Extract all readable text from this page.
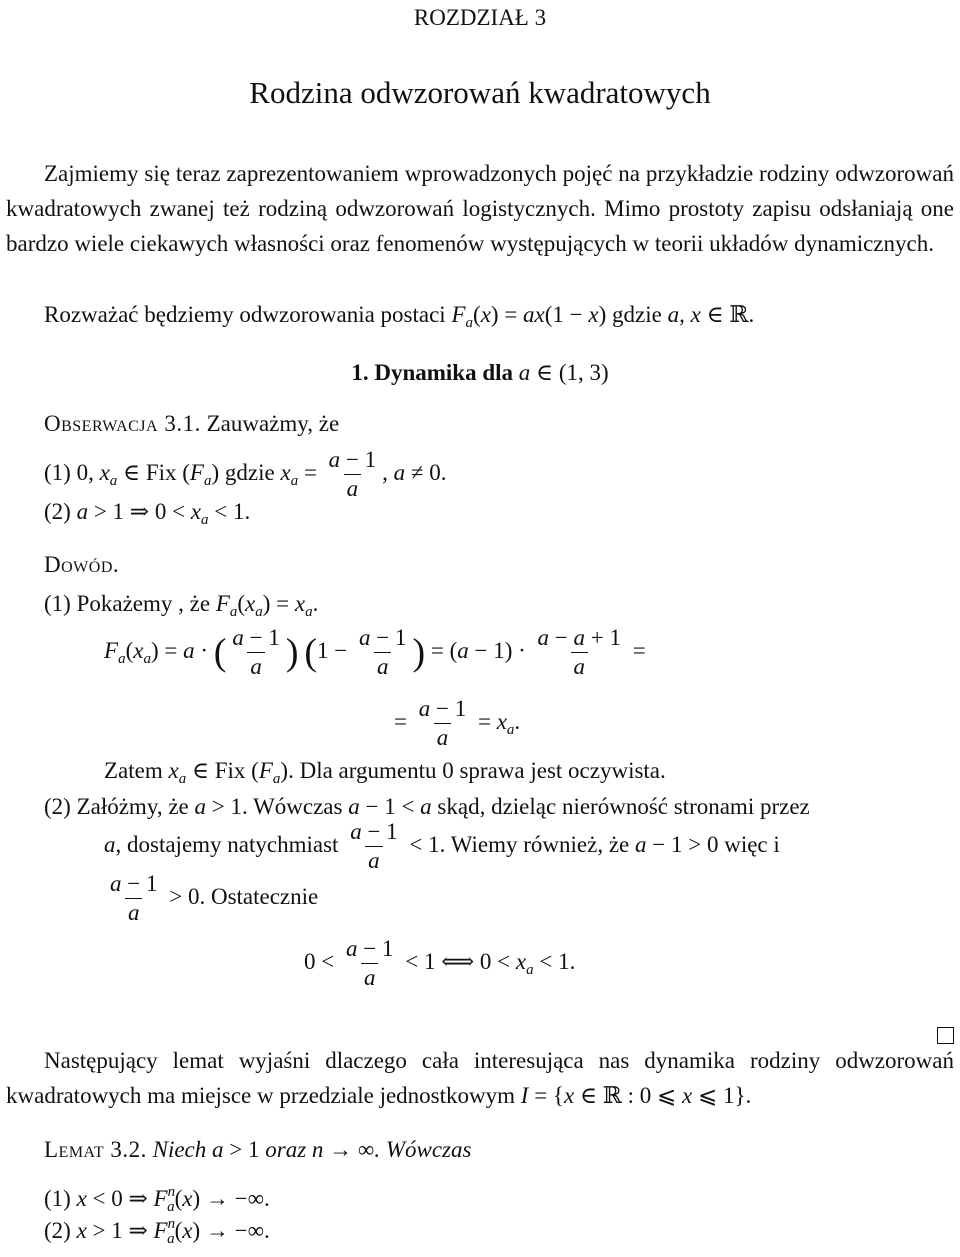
ROZDZIAŁ 3
Rodzina odwzorowań kwadratowych
Zajmiemy się teraz zaprezentowaniem wprowadzonych pojęć na przykładzie rodziny odwzorowań kwadratowych zwanej też rodziną odwzorowań logistycznych. Mimo prostoty zapisu odsłaniają one bardzo wiele ciekawych własności oraz fenomenów występujących w teorii układów dynamicznych.
Rozważać będziemy odwzorowania postaci $F_a(x) = ax(1 - x)$ gdzie a, x ∈ ℝ.
1. Dynamika dla a ∈ (1, 3)
Obserwacja 3.1. Zauważmy, że
(1) 0, $x_a$ ∈ Fix $(F_a)$ gdzie $x_a = \frac{a - 1}{a}$ , a ≠ 0.
(2) a > 1 ⇒ $0 < x_a < 1$.
Dowód.
(1) Pokażemy , że $F_a(x_a) = x_a$.
$F_a(x_a) = a$ · ( $\frac{a - 1}{a}$ ) ($1 - \frac{a - 1}{a}$ ) = $(a - 1) \cdot \frac{a - a + 1}{a}$ =
= $\frac{a - 1}{a} = x_a$.
Zatem $x_a$ ∈ Fix $(F_a)$. Dla argumentu 0 sprawa jest oczywista.
(2) Załóżmy, że a > 1. Wówczas a − 1 < a skąd, dzieląc nierówność stronami przez
a, dostajemy natychmiast $\frac{a - 1}{a} < 1$. Wiemy również, że a − 1 > 0 więc i
$\frac{a - 1}{a} > 0$. Ostatecznie
$0 < \frac{a - 1}{a} < 1$ ⟺ $0 < x_a < 1$.
Następujący lemat wyjaśni dlaczego cała interesująca nas dynamika rodziny odwzorowań kwadratowych ma miejsce w przedziale jednostkowym I = {x ∈ ℝ : 0 ⩽ x ⩽ 1}.
Lemat 3.2. Niech a > 1 oraz n → ∞. Wówczas
(1) x < 0 ⇒ $F^n_a(x)$ → −∞.
(2) x > 1 ⇒ $F^n_a(x)$ → −∞.
